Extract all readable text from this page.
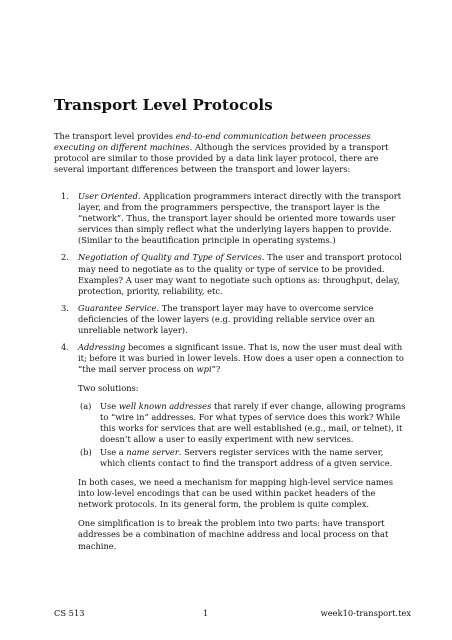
Transport Level Protocols
The transport level provides end-to-end communication between processes executing on different machines. Although the services provided by a transport protocol are similar to those provided by a data link layer protocol, there are several important differences between the transport and lower layers:
1. User Oriented. Application programmers interact directly with the transport layer, and from the programmers perspective, the transport layer is the “network”. Thus, the transport layer should be oriented more towards user services than simply reflect what the underlying layers happen to provide. (Similar to the beautification principle in operating systems.)
2. Negotiation of Quality and Type of Services. The user and transport protocol may need to negotiate as to the quality or type of service to be provided. Examples? A user may want to negotiate such options as: throughput, delay, protection, priority, reliability, etc.
3. Guarantee Service. The transport layer may have to overcome service deficiencies of the lower layers (e.g. providing reliable service over an unreliable network layer).
4. Addressing becomes a significant issue. That is, now the user must deal with it; before it was buried in lower levels. How does a user open a connection to “the mail server process on wpi”?
Two solutions:
(a) Use well known addresses that rarely if ever change, allowing programs to “wire in” addresses. For what types of service does this work? While this works for services that are well established (e.g., mail, or telnet), it doesn’t allow a user to easily experiment with new services.
(b) Use a name server. Servers register services with the name server, which clients contact to find the transport address of a given service.
In both cases, we need a mechanism for mapping high-level service names into low-level encodings that can be used within packet headers of the network protocols. In its general form, the problem is quite complex.
One simplification is to break the problem into two parts: have transport addresses be a combination of machine address and local process on that machine.
CS 513	1	week10-transport.tex
